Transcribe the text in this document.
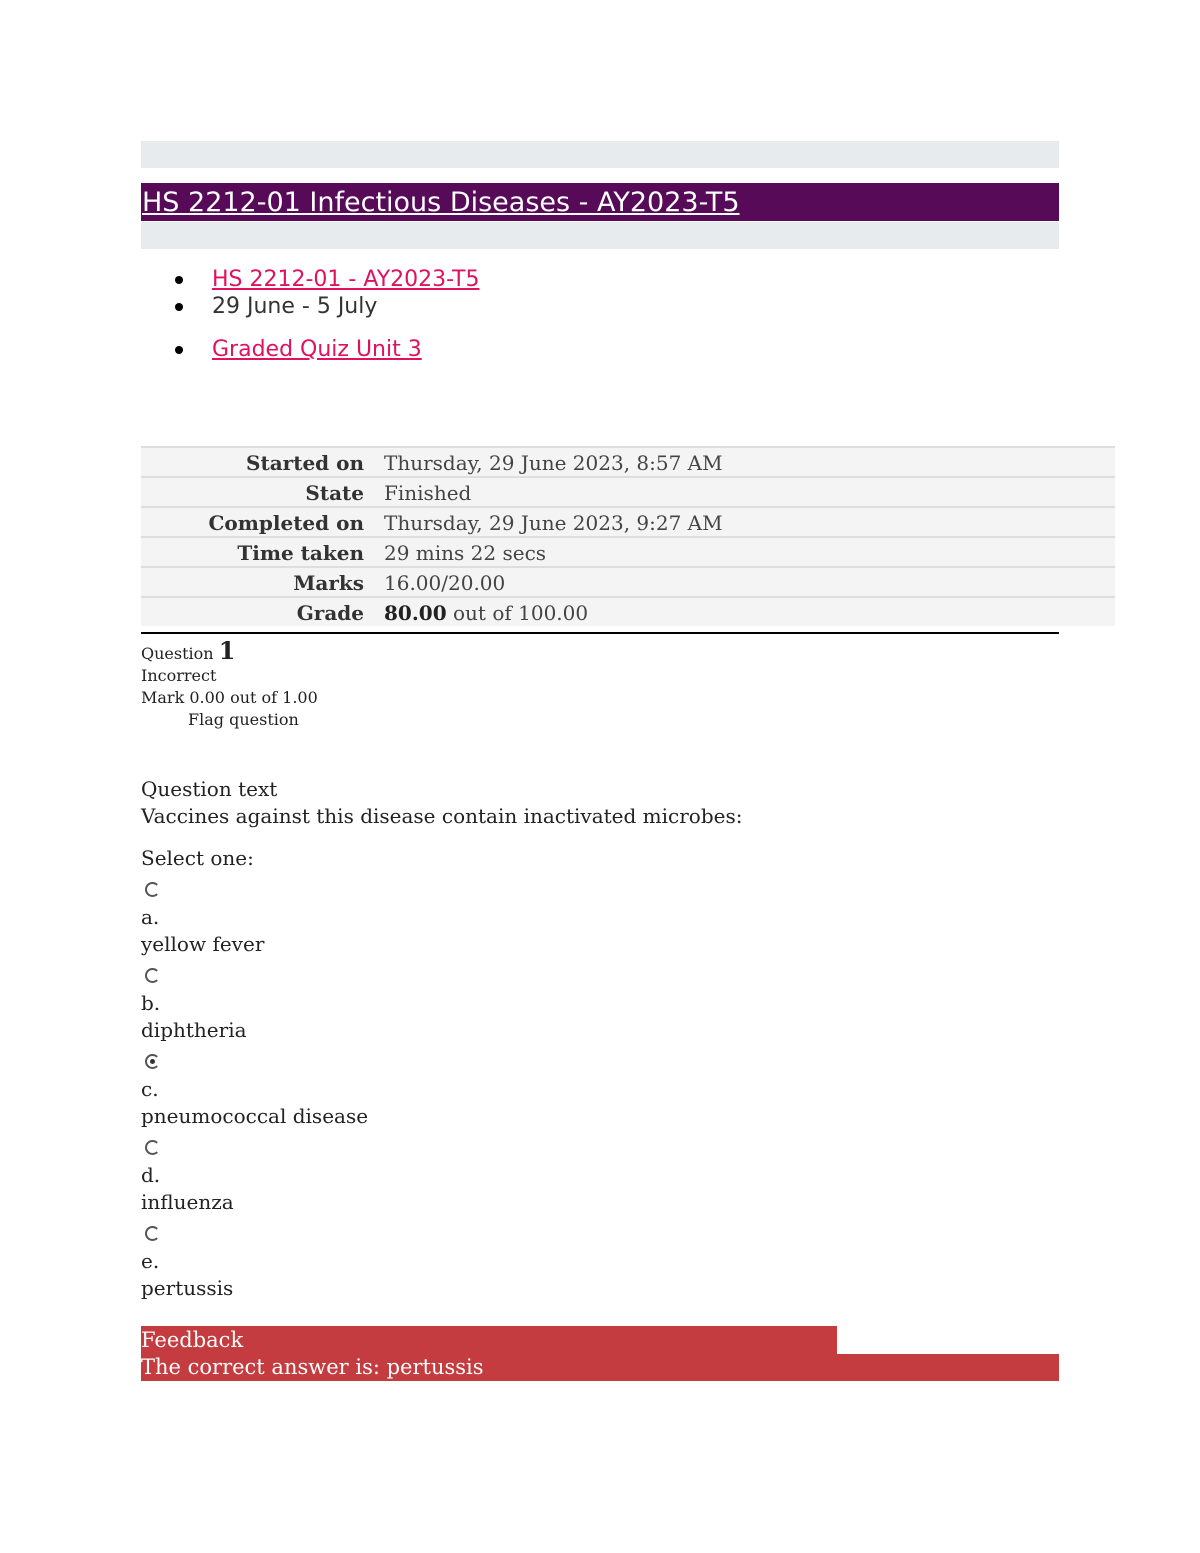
HS 2212-01 Infectious Diseases - AY2023-T5
HS 2212-01 - AY2023-T5
29 June - 5 July
Graded Quiz Unit 3
Started on	Thursday, 29 June 2023, 8:57 AM
State	Finished
Completed on	Thursday, 29 June 2023, 9:27 AM
Time taken	29 mins 22 secs
Marks	16.00/20.00
Grade	80.00 out of 100.00
Question 1
Incorrect
Mark 0.00 out of 1.00
Flag question
Question text
Vaccines against this disease contain inactivated microbes:
Select one:
a.
yellow fever
b.
diphtheria
c.
pneumococcal disease
d.
influenza
e.
pertussis
Feedback
The correct answer is: pertussis
